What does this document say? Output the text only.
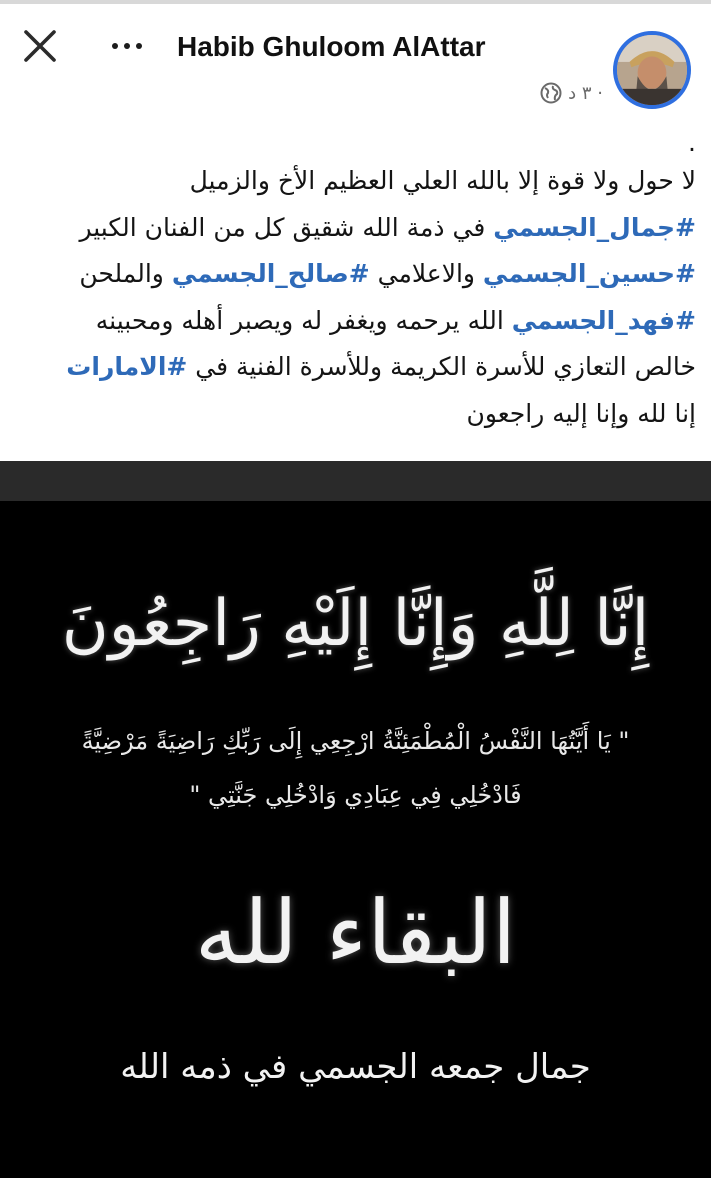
Habib Ghuloom AlAttar
٣ د ·
.
لا حول ولا قوة إلا بالله العلي العظيم الأخ والزميل
#جمال_الجسمي في ذمة الله شقيق كل من الفنان الكبير
#حسين_الجسمي والاعلامي #صالح_الجسمي والملحن
#فهد_الجسمي الله يرحمه ويغفر له ويصبر أهله ومحبينه
خالص التعازي للأسرة الكريمة وللأسرة الفنية في #الامارات
إنا لله وإنا إليه راجعون
إِنَّا لِلَّهِ وَإِنَّا إِلَيْهِ رَاجِعُونَ
" يَا أَيَّتُهَا النَّفْسُ الْمُطْمَئِنَّةُ ارْجِعِي إِلَى رَبِّكِ رَاضِيَةً مَرْضِيَّةً
فَادْخُلِي فِي عِبَادِي وَادْخُلِي جَنَّتِي "
البقاء لله
جمال جمعه الجسمي في ذمه الله
